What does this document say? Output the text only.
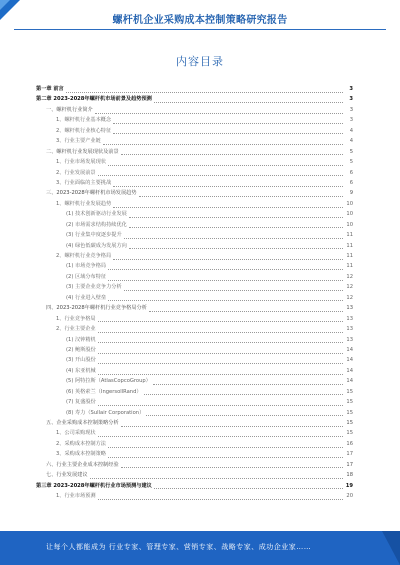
螺杆机企业采购成本控制策略研究报告
内容目录
第一章 前言	3
第二章 2023-2028年螺杆机市场前景及趋势预测	3
一、螺杆机行业简介	3
1、螺杆机行业基本概念	3
2、螺杆机行业核心特征	4
3、行业主要产业链	4
二、螺杆机行业发展现状及前景	5
1、行业市场发展现状	5
2、行业发展前景	6
3、行业面临的主要挑战	6
三、2023-2028年螺杆机市场发展趋势	9
1、螺杆机行业发展趋势	10
(1) 技术创新驱动行业发展	10
(2) 市场需求结构持续优化	10
(3) 行业集中度逐步提升	11
(4) 绿色低碳成为发展方向	11
2、螺杆机行业竞争格局	11
(1) 市场竞争格局	11
(2) 区域分布特征	12
(3) 主要企业竞争力分析	12
(4) 行业进入壁垒	12
四、2023-2028年螺杆机行业竞争格局分析	13
1、行业竞争格局	13
2、行业主要企业	13
(1) 汉钟精机	13
(2) 鲍斯股份	14
(3) 开山股份	14
(4) 东亚机械	14
(5) 阿特拉斯（AtlasCopcoGroup）	14
(6) 英格索兰（IngersollRand）	15
(7) 复盛股份	15
(8) 寿力（Sullair Corporation）	15
五、企业采购成本控制策略分析	15
1、公司采购现状	15
2、采购成本控制方法	16
3、采购成本控制策略	17
六、行业主要企业成本控制经验	17
七、行业发展建议	18
第三章 2023-2028年螺杆机行业市场预测与建议	19
1、行业市场预测	20
让每个人都能成为 行业专家、管理专家、营销专家、战略专家、成功企业家……
